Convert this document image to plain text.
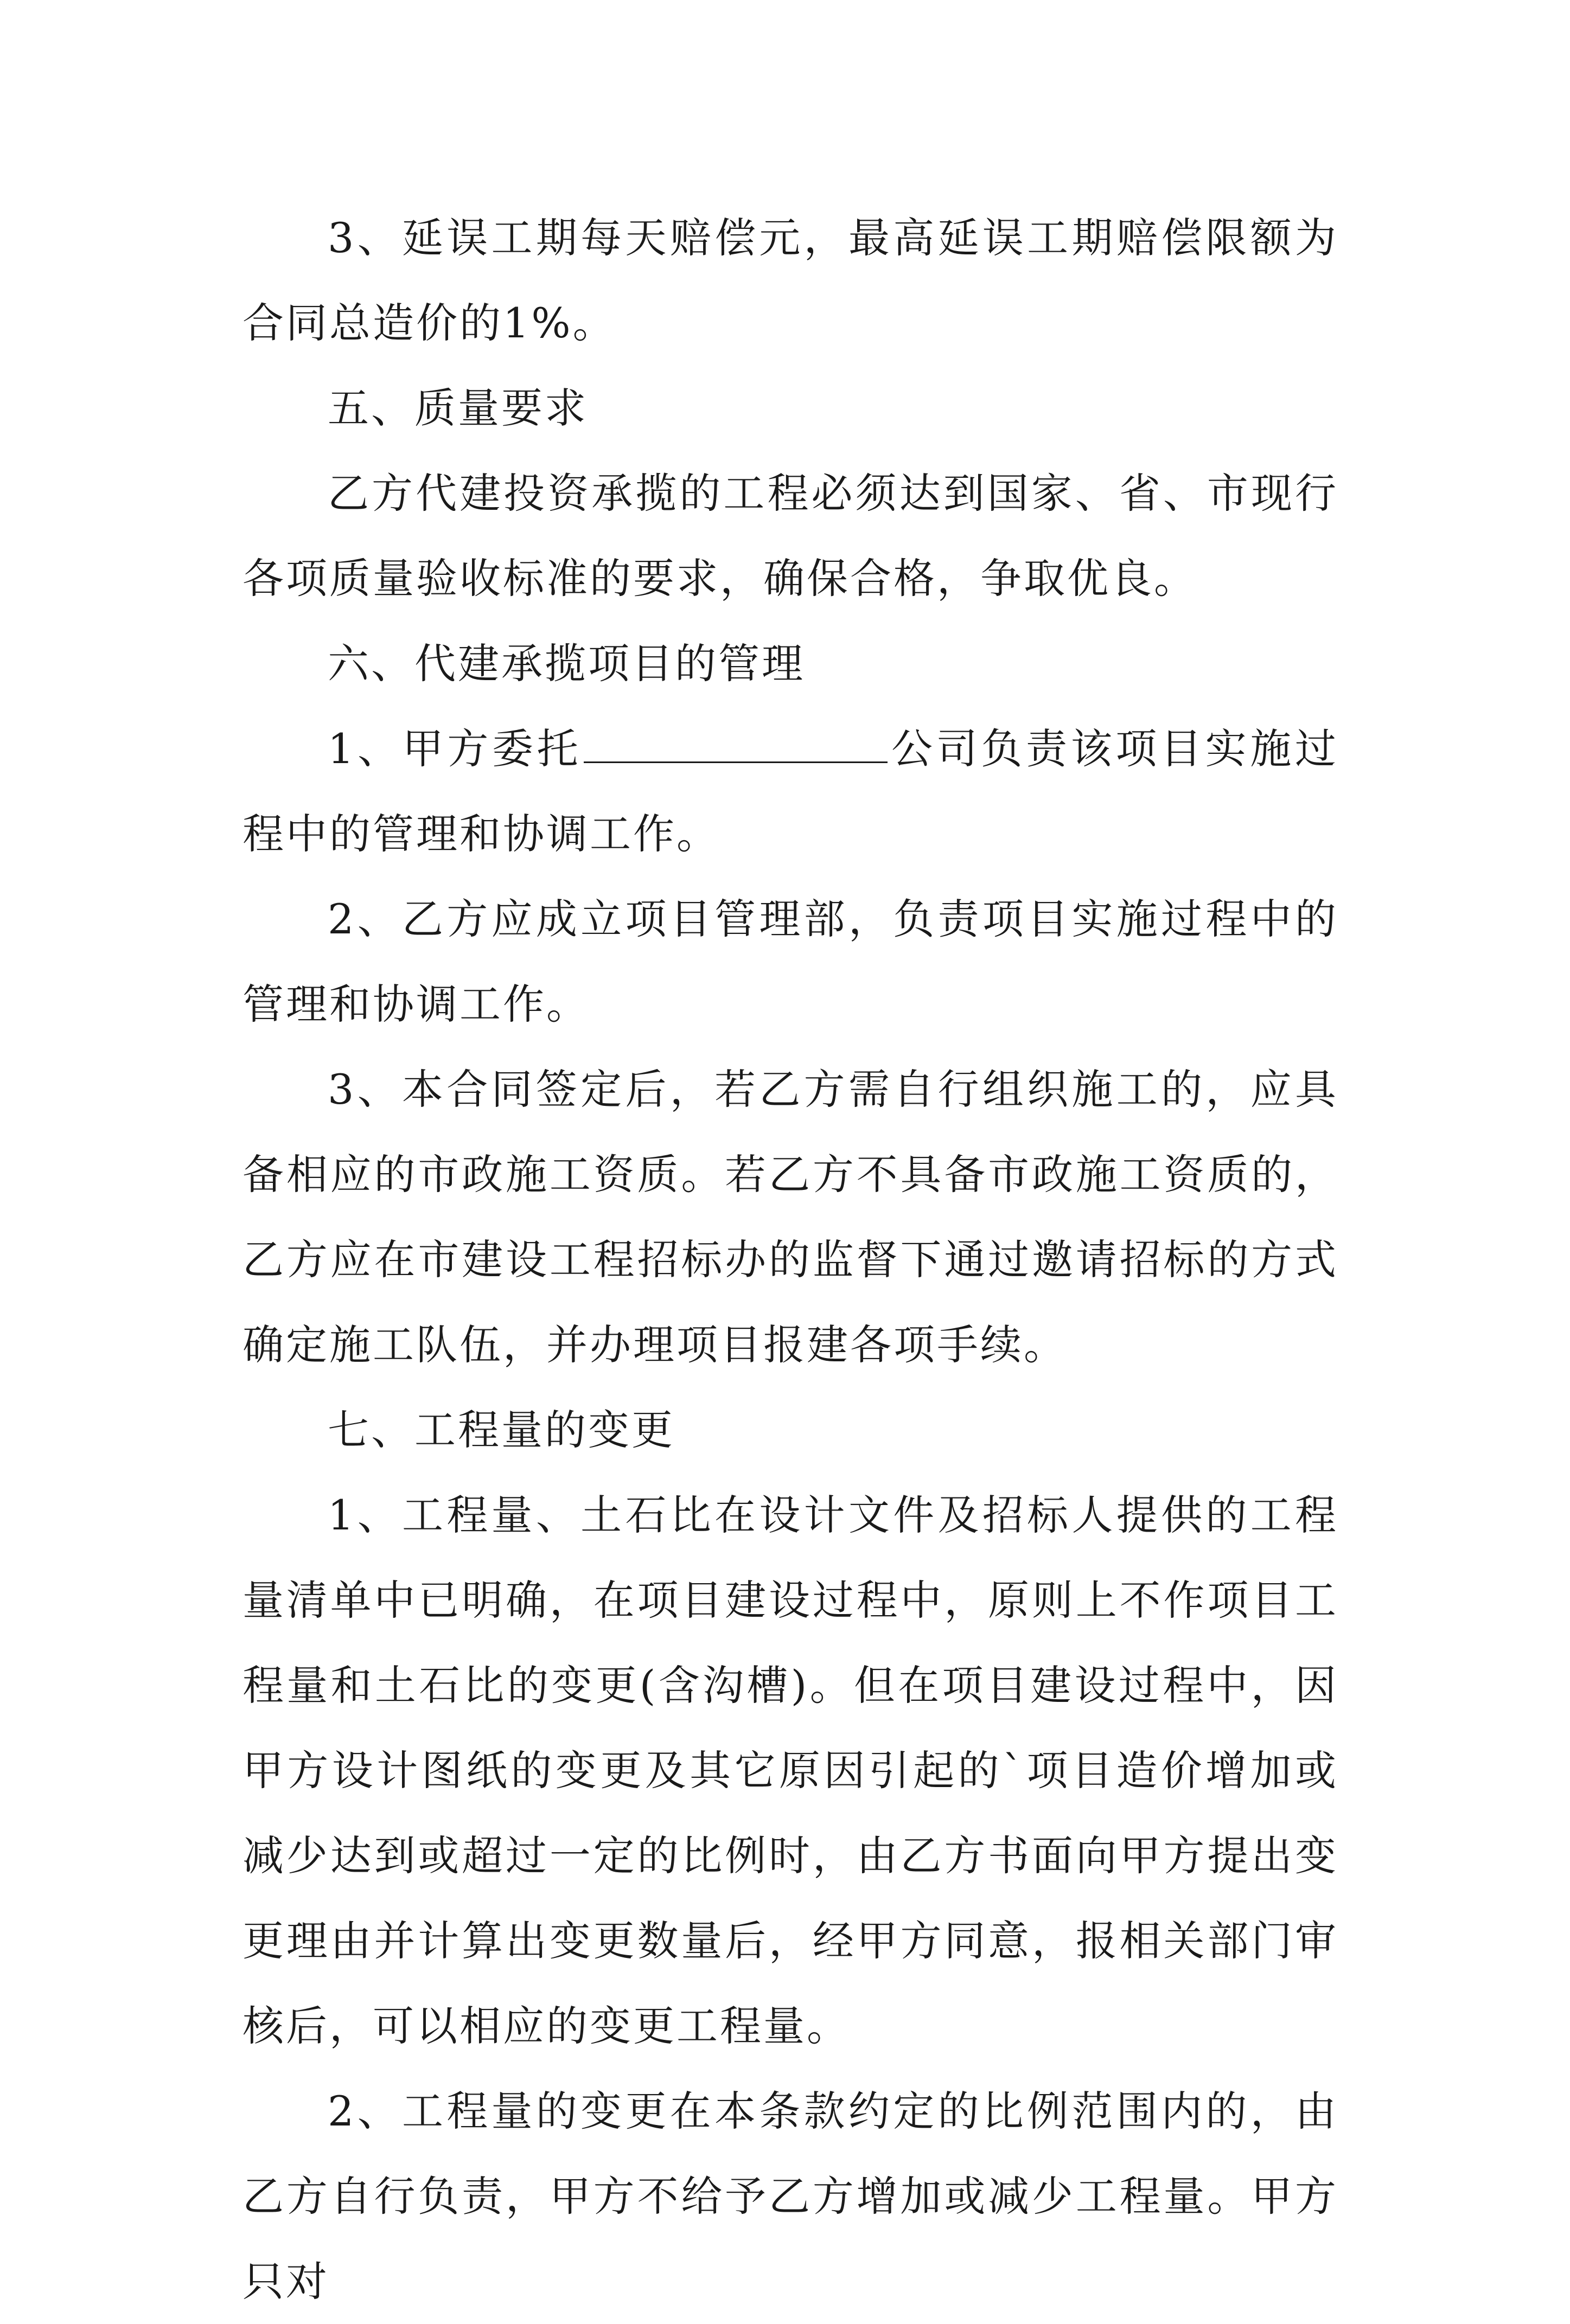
3、延误工期每天赔偿元，最高延误工期赔偿限额为合同总造价的1%。

五、质量要求

乙方代建投资承揽的工程必须达到国家、省、市现行各项质量验收标准的要求，确保合格，争取优良。

六、代建承揽项目的管理

1、甲方委托	公司负责该项目实施过程中的管理和协调工作。

2、乙方应成立项目管理部，负责项目实施过程中的管理和协调工作。

3、本合同签定后，若乙方需自行组织施工的，应具备相应的市政施工资质。若乙方不具备市政施工资质的，乙方应在市建设工程招标办的监督下通过邀请招标的方式确定施工队伍，并办理项目报建各项手续。

七、工程量的变更

1、工程量、土石比在设计文件及招标人提供的工程量清单中已明确，在项目建设过程中，原则上不作项目工程量和土石比的变更(含沟槽)。但在项目建设过程中，因甲方设计图纸的变更及其它原因引起的`项目造价增加或减少达到或超过一定的比例时，由乙方书面向甲方提出变更理由并计算出变更数量后，经甲方同意，报相关部门审核后，可以相应的变更工程量。

2、工程量的变更在本条款约定的比例范围内的，由乙方自行负责，甲方不给予乙方增加或减少工程量。甲方只对
